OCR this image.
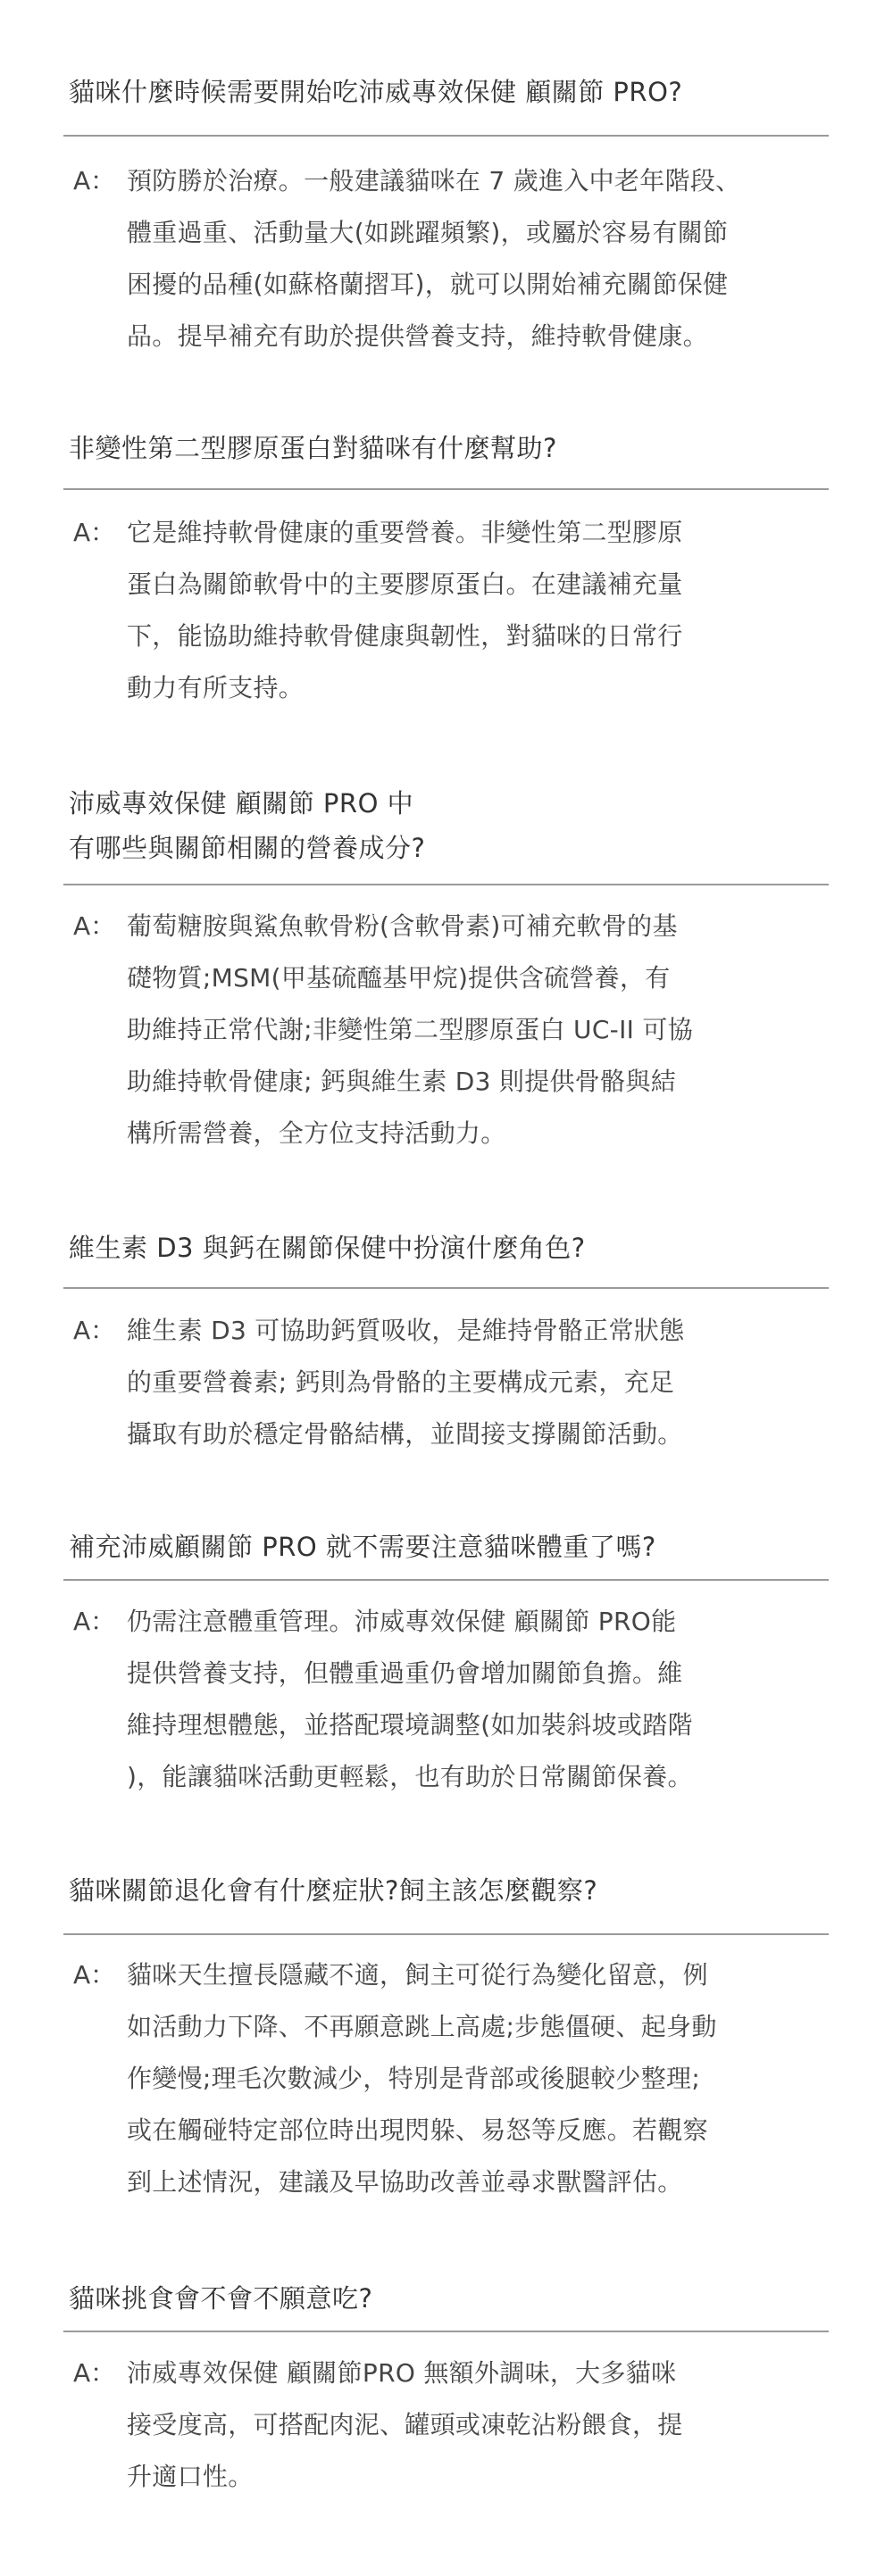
貓咪什麼時候需要開始吃沛威專效保健 顧關節 PRO?
A： 預防勝於治療。一般建議貓咪在 7 歲進入中老年階段、
體重過重、活動量大(如跳躍頻繁)，或屬於容易有關節
困擾的品種(如蘇格蘭摺耳)，就可以開始補充關節保健
品。提早補充有助於提供營養支持，維持軟骨健康。
非變性第二型膠原蛋白對貓咪有什麼幫助?
A： 它是維持軟骨健康的重要營養。非變性第二型膠原
蛋白為關節軟骨中的主要膠原蛋白。在建議補充量
下，能協助維持軟骨健康與韌性，對貓咪的日常行
動力有所支持。
沛威專效保健 顧關節 PRO 中
有哪些與關節相關的營養成分?
A： 葡萄糖胺與鯊魚軟骨粉(含軟骨素)可補充軟骨的基
礎物質;MSM(甲基硫醯基甲烷)提供含硫營養，有
助維持正常代謝;非變性第二型膠原蛋白 UC-II 可協
助維持軟骨健康; 鈣與維生素 D3 則提供骨骼與結
構所需營養，全方位支持活動力。
維生素 D3 與鈣在關節保健中扮演什麼角色?
A： 維生素 D3 可協助鈣質吸收，是維持骨骼正常狀態
的重要營養素; 鈣則為骨骼的主要構成元素，充足
攝取有助於穩定骨骼結構，並間接支撐關節活動。
補充沛威顧關節 PRO 就不需要注意貓咪體重了嗎?
A： 仍需注意體重管理。沛威專效保健 顧關節 PRO能
提供營養支持，但體重過重仍會增加關節負擔。維
維持理想體態，並搭配環境調整(如加裝斜坡或踏階
)，能讓貓咪活動更輕鬆，也有助於日常關節保養。
貓咪關節退化會有什麼症狀?飼主該怎麼觀察?
A： 貓咪天生擅長隱藏不適，飼主可從行為變化留意，例
如活動力下降、不再願意跳上高處;步態僵硬、起身動
作變慢;理毛次數減少，特別是背部或後腿較少整理;
或在觸碰特定部位時出現閃躲、易怒等反應。若觀察
到上述情況，建議及早協助改善並尋求獸醫評估。
貓咪挑食會不會不願意吃?
A： 沛威專效保健 顧關節PRO 無額外調味，大多貓咪
接受度高，可搭配肉泥、罐頭或凍乾沾粉餵食，提
升適口性。
